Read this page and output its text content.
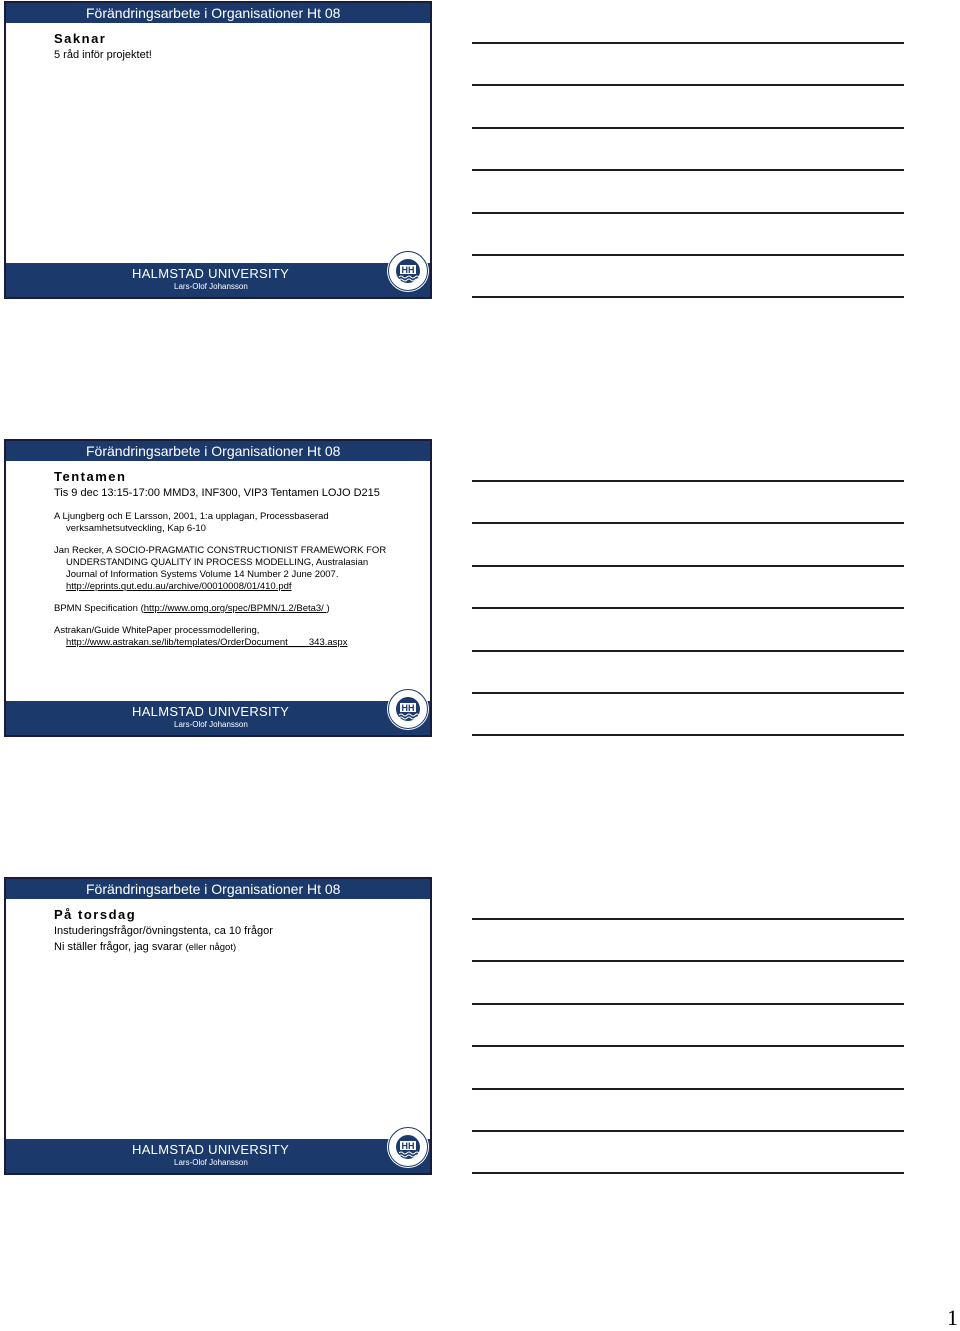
Förändringsarbete i Organisationer Ht 08
Saknar
5 råd inför projektet!
HALMSTAD UNIVERSITY
Lars-Olof Johansson
Förändringsarbete i Organisationer Ht 08
Tentamen
Tis 9 dec 13:15-17:00 MMD3, INF300, VIP3 Tentamen LOJO D215
A Ljungberg och E Larsson, 2001, 1:a upplagan, Processbaserad
verksamhetsutveckling, Kap 6-10
Jan Recker, A SOCIO-PRAGMATIC CONSTRUCTIONIST FRAMEWORK FOR
UNDERSTANDING QUALITY IN PROCESS MODELLING, Australasian
Journal of Information Systems Volume 14 Number 2 June 2007.
http://eprints.qut.edu.au/archive/00010008/01/410.pdf
BPMN Specification (http://www.omg.org/spec/BPMN/1.2/Beta3/ )
Astrakan/Guide WhitePaper processmodellering,
http://www.astrakan.se/lib/templates/OrderDocument____343.aspx
HALMSTAD UNIVERSITY
Lars-Olof Johansson
Förändringsarbete i Organisationer Ht 08
På torsdag
Instuderingsfrågor/övningstenta, ca 10 frågor
Ni ställer frågor, jag svarar (eller något)
HALMSTAD UNIVERSITY
Lars-Olof Johansson
1
